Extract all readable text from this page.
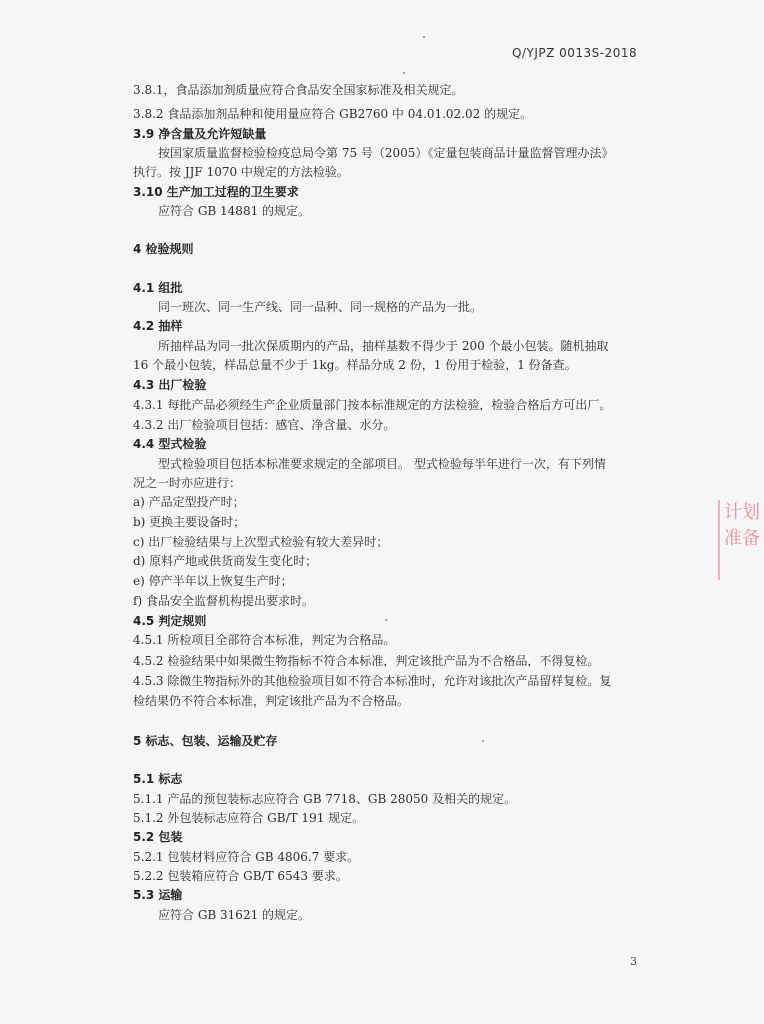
Q/YJPZ 0013S-2018
3.8.1，食品添加剂质量应符合食品安全国家标准及相关规定。
3.8.2 食品添加剂品种和使用量应符合 GB2760 中 04.01.02.02 的规定。
3.9 净含量及允许短缺量
按国家质量监督检验检疫总局令第 75 号（2005）《定量包装商品计量监督管理办法》
执行。按 JJF 1070 中规定的方法检验。
3.10 生产加工过程的卫生要求
应符合 GB 14881 的规定。
4 检验规则
4.1 组批
同一班次、同一生产线、同一品种、同一规格的产品为一批。
4.2 抽样
所抽样品为同一批次保质期内的产品，抽样基数不得少于 200 个最小包装。随机抽取
16 个最小包装，样品总量不少于 1kg。样品分成 2 份，1 份用于检验，1 份备查。
4.3 出厂检验
4.3.1 每批产品必须经生产企业质量部门按本标准规定的方法检验，检验合格后方可出厂。
4.3.2 出厂检验项目包括：感官、净含量、水分。
4.4 型式检验
型式检验项目包括本标准要求规定的全部项目。 型式检验每半年进行一次，有下列情
况之一时亦应进行：
a) 产品定型投产时；
b) 更换主要设备时；
c) 出厂检验结果与上次型式检验有较大差异时；
d) 原料产地或供货商发生变化时；
e) 停产半年以上恢复生产时；
f) 食品安全监督机构提出要求时。
4.5 判定规则
4.5.1 所检项目全部符合本标准，判定为合格品。
4.5.2 检验结果中如果微生物指标不符合本标准，判定该批产品为不合格品，不得复检。
4.5.3 除微生物指标外的其他检验项目如不符合本标准时，允许对该批次产品留样复检。复
检结果仍不符合本标准，判定该批产品为不合格品。
5 标志、包装、运输及贮存
5.1 标志
5.1.1 产品的预包装标志应符合 GB 7718、GB 28050 及相关的规定。
5.1.2 外包装标志应符合 GB/T 191 规定。
5.2 包装
5.2.1 包装材料应符合 GB 4806.7 要求。
5.2.2 包装箱应符合 GB/T 6543 要求。
5.3 运输
应符合 GB 31621 的规定。
3
计划
准备
